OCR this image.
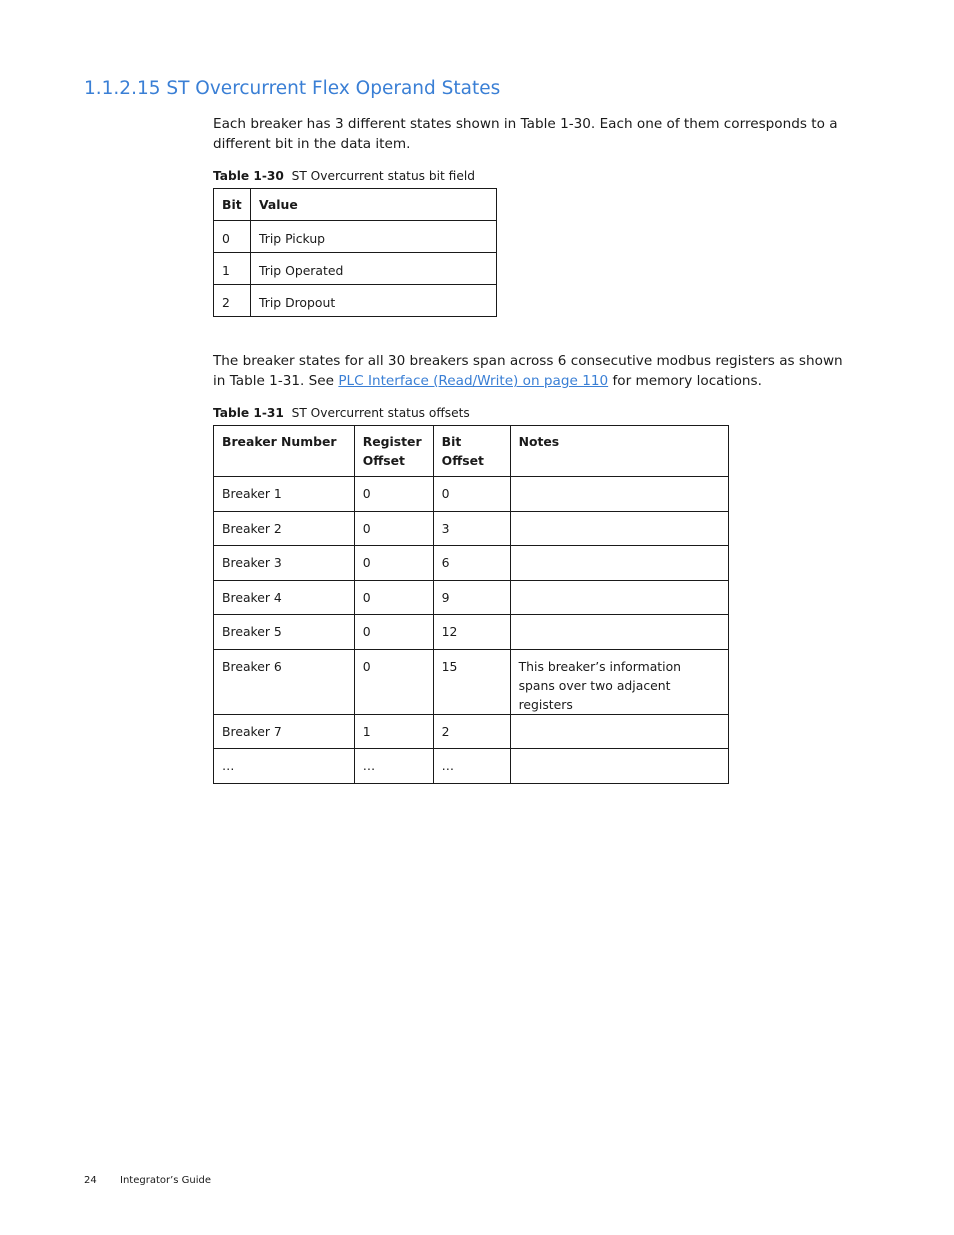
1.1.2.15 ST Overcurrent Flex Operand States

Each breaker has 3 different states shown in Table 1-30. Each one of them corresponds to a different bit in the data item.

Table 1-30 ST Overcurrent status bit field

Bit	Value
0	Trip Pickup
1	Trip Operated
2	Trip Dropout

The breaker states for all 30 breakers span across 6 consecutive modbus registers as shown in Table 1-31. See PLC Interface (Read/Write) on page 110 for memory locations.

Table 1-31 ST Overcurrent status offsets

Breaker Number	Register Offset	Bit Offset	Notes
Breaker 1	0	0	
Breaker 2	0	3	
Breaker 3	0	6	
Breaker 4	0	9	
Breaker 5	0	12	
Breaker 6	0	15	This breaker’s information spans over two adjacent registers
Breaker 7	1	2	
…	…	…	
24 Integrator’s Guide
